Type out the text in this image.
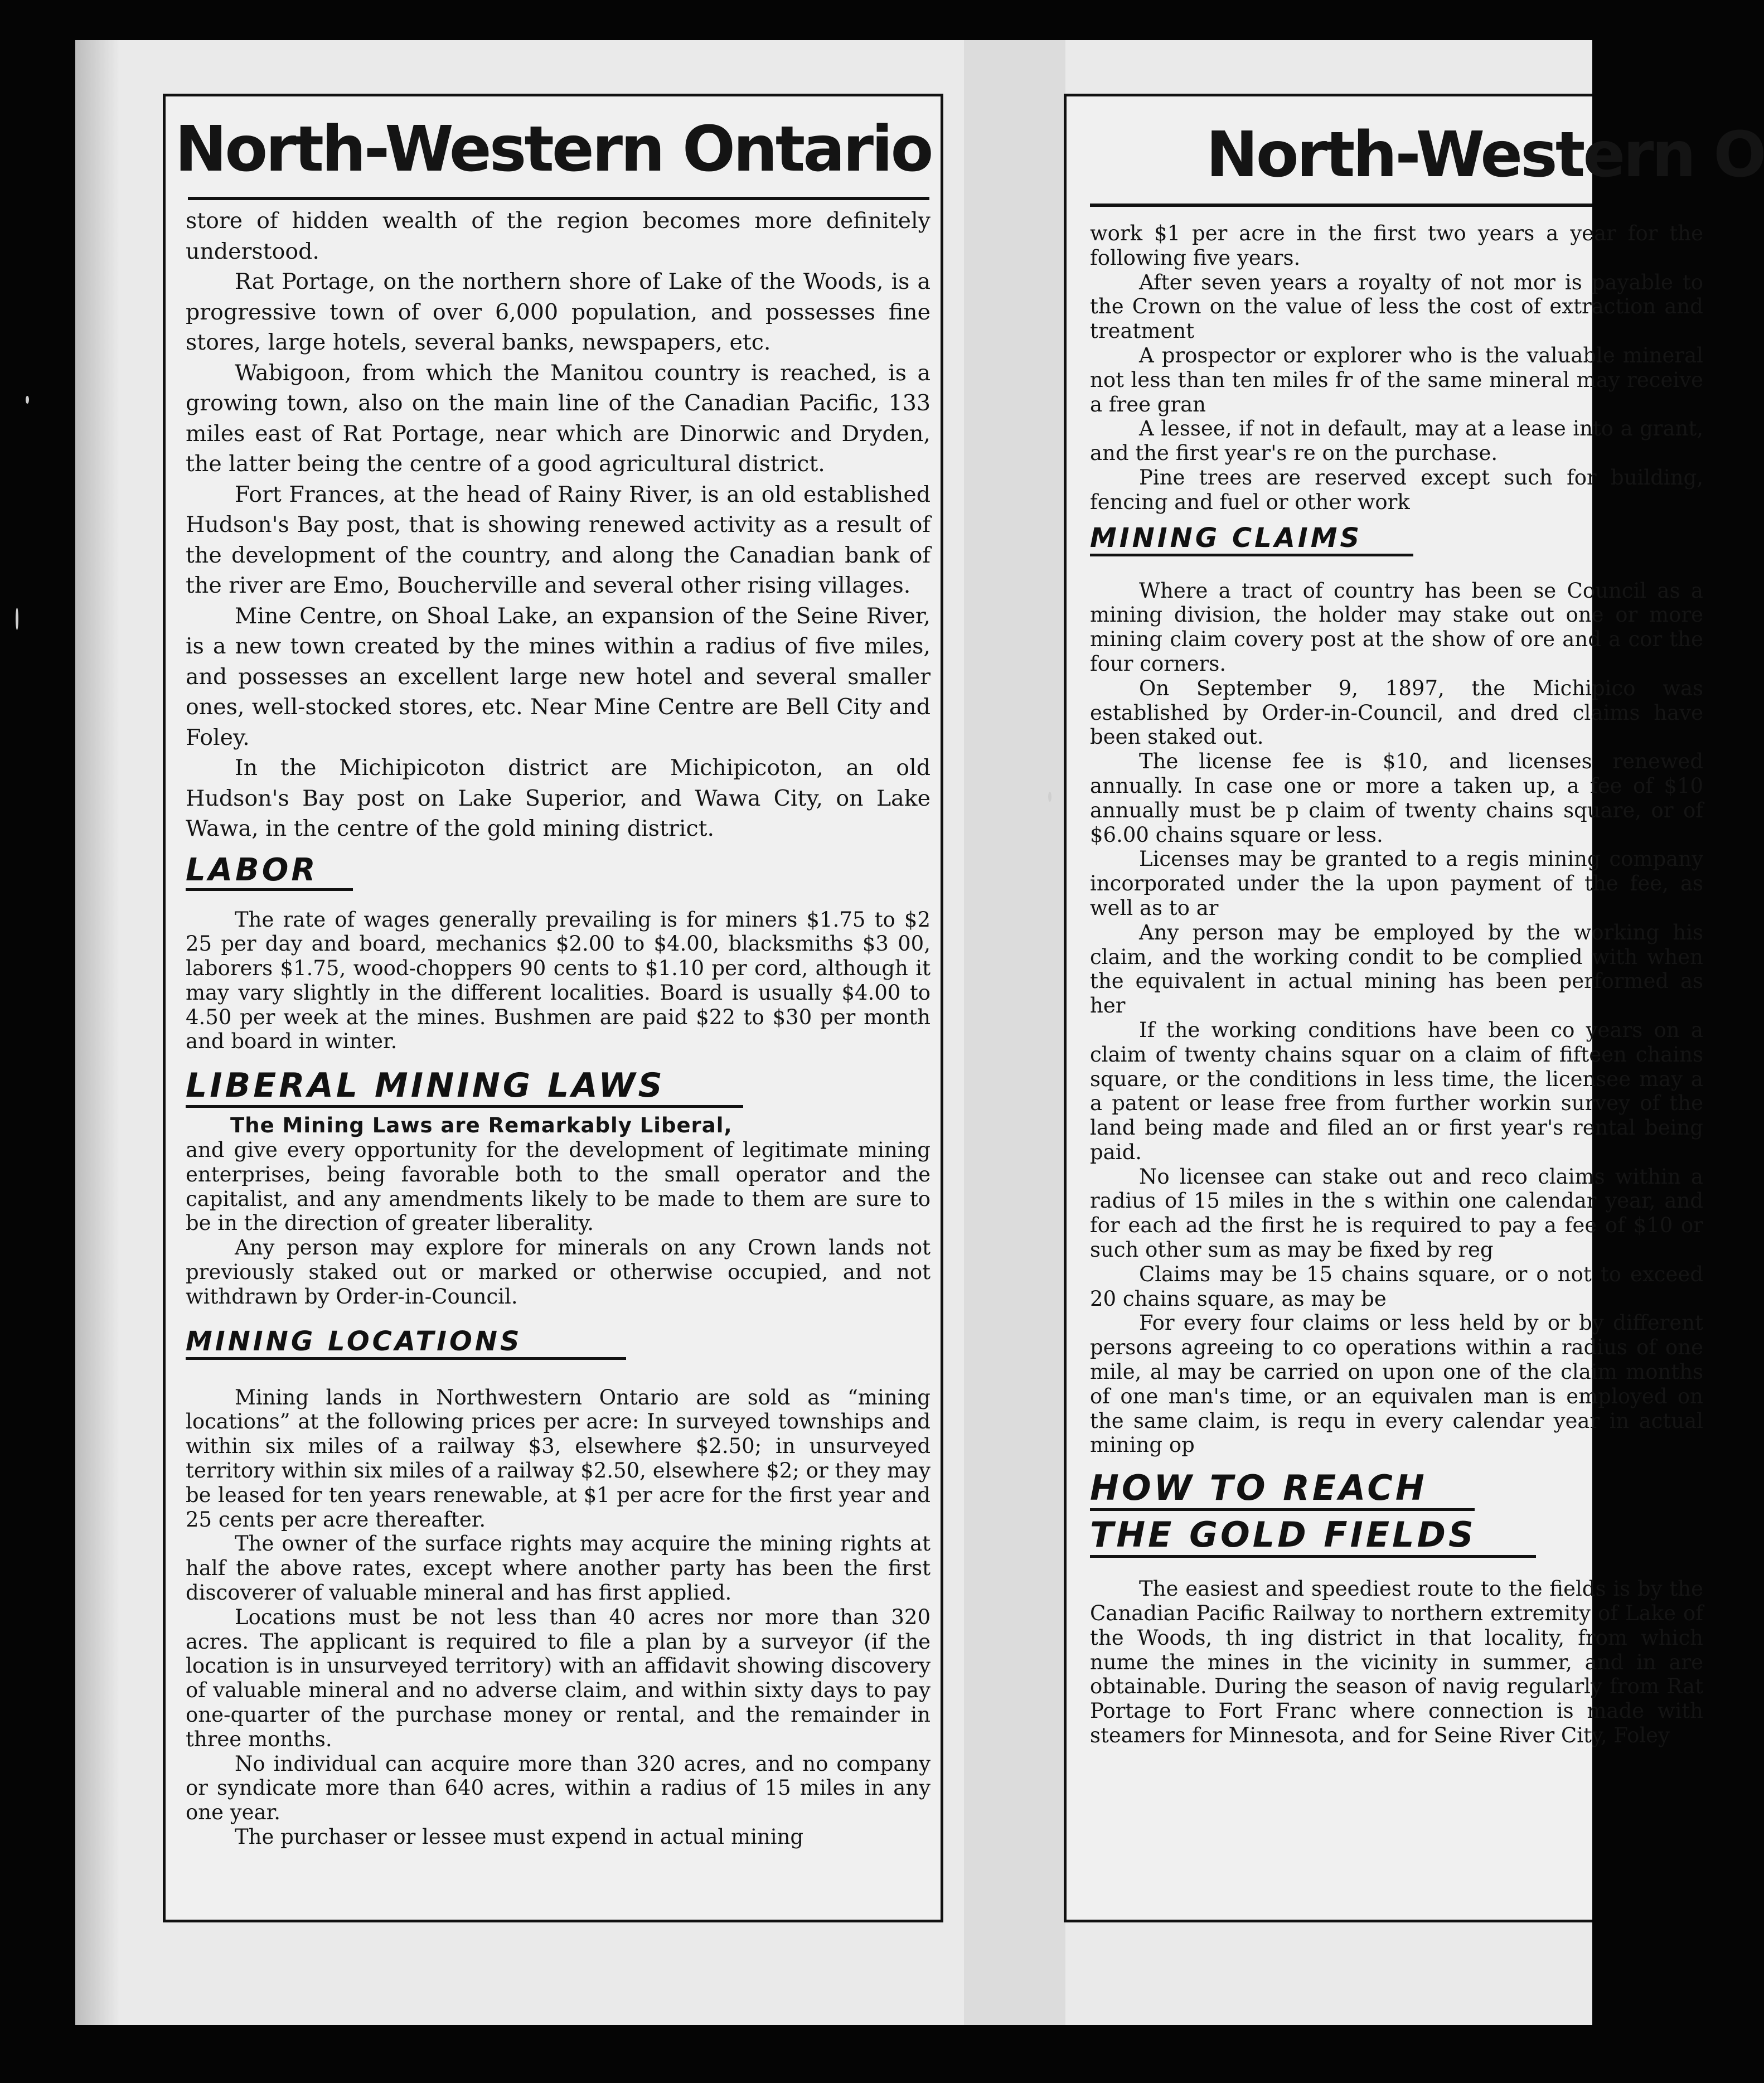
North-Western Ontario

store of hidden wealth of the region becomes more definitely understood.

Rat Portage, on the northern shore of Lake of the Woods, is a progressive town of over 6,000 population, and possesses fine stores, large hotels, several banks, newspapers, etc.

Wabigoon, from which the Manitou country is reached, is a growing town, also on the main line of the Canadian Pacific, 133 miles east of Rat Portage, near which are Dinorwic and Dryden, the latter being the centre of a good agricultural district.

Fort Frances, at the head of Rainy River, is an old established Hudson's Bay post, that is showing renewed activity as a result of the development of the country, and along the Canadian bank of the river are Emo, Boucherville and several other rising villages.

Mine Centre, on Shoal Lake, an expansion of the Seine River, is a new town created by the mines within a radius of five miles, and possesses an excellent large new hotel and several smaller ones, well-stocked stores, etc. Near Mine Centre are Bell City and Foley.

In the Michipicoton district are Michipicoton, an old Hudson's Bay post on Lake Superior, and Wawa City, on Lake Wawa, in the centre of the gold mining district.

LABOR

The rate of wages generally prevailing is for miners $1.75 to $2 25 per day and board, mechanics $2.00 to $4.00, blacksmiths $3 00, laborers $1.75, wood-choppers 90 cents to $1.10 per cord, although it may vary slightly in the different localities. Board is usually $4.00 to 4.50 per week at the mines. Bushmen are paid $22 to $30 per month and board in winter.

LIBERAL MINING LAWS

The Mining Laws are Remarkably Liberal,

and give every opportunity for the development of legitimate mining enterprises, being favorable both to the small operator and the capitalist, and any amendments likely to be made to them are sure to be in the direction of greater liberality.

Any person may explore for minerals on any Crown lands not previously staked out or marked or otherwise occupied, and not withdrawn by Order-in-Council.

MINING LOCATIONS

Mining lands in Northwestern Ontario are sold as “mining locations” at the following prices per acre: In surveyed townships and within six miles of a railway $3, elsewhere $2.50; in unsurveyed territory within six miles of a railway $2.50, elsewhere $2; or they may be leased for ten years renewable, at $1 per acre for the first year and 25 cents per acre thereafter.

The owner of the surface rights may acquire the mining rights at half the above rates, except where another party has been the first discoverer of valuable mineral and has first applied.

Locations must be not less than 40 acres nor more than 320 acres. The applicant is required to file a plan by a surveyor (if the location is in unsurveyed territory) with an affidavit showing discovery of valuable mineral and no adverse claim, and within sixty days to pay one-quarter of the purchase money or rental, and the remainder in three months.

No individual can acquire more than 320 acres, and no company or syndicate more than 640 acres, within a radius of 15 miles in any one year.

The purchaser or lessee must expend in actual mining

North-Western O

work $1 per acre in the first two years a year for the following five years.

After seven years a royalty of not mor is payable to the Crown on the value of less the cost of extraction and treatment

A prospector or explorer who is the valuable mineral not less than ten miles fr of the same mineral may receive a free gran

A lessee, if not in default, may at a lease into a grant, and the first year's re on the purchase.

Pine trees are reserved except such for building, fencing and fuel or other work

MINING CLAIMS

Where a tract of country has been se Council as a mining division, the holder may stake out one or more mining claim covery post at the show of ore and a cor the four corners.

On September 9, 1897, the Michipico was established by Order-in-Council, and dred claims have been staked out.

The license fee is $10, and licenses renewed annually. In case one or more a taken up, a fee of $10 annually must be p claim of twenty chains square, or of $6.00 chains square or less.

Licenses may be granted to a regis mining company incorporated under the la upon payment of the fee, as well as to ar

Any person may be employed by the working his claim, and the working condit to be complied with when the equivalent in actual mining has been performed as her

If the working conditions have been co years on a claim of twenty chains squar on a claim of fifteen chains square, or the conditions in less time, the licensee may a a patent or lease free from further workin survey of the land being made and filed an or first year's rental being paid.

No licensee can stake out and reco claims within a radius of 15 miles in the s within one calendar year, and for each ad the first he is required to pay a fee of $10 or such other sum as may be fixed by reg

Claims may be 15 chains square, or o not to exceed 20 chains square, as may be

For every four claims or less held by or by different persons agreeing to co operations within a radius of one mile, al may be carried on upon one of the claim months of one man's time, or an equivalen man is employed on the same claim, is requ in every calendar year in actual mining op

HOW TO REACH
THE GOLD FIELDS

The easiest and speediest route to the fields is by the Canadian Pacific Railway to northern extremity of Lake of the Woods, th ing district in that locality, from which nume the mines in the vicinity in summer, and in are obtainable. During the season of navig regularly from Rat Portage to Fort Franc where connection is made with steamers for Minnesota, and for Seine River City, Foley
